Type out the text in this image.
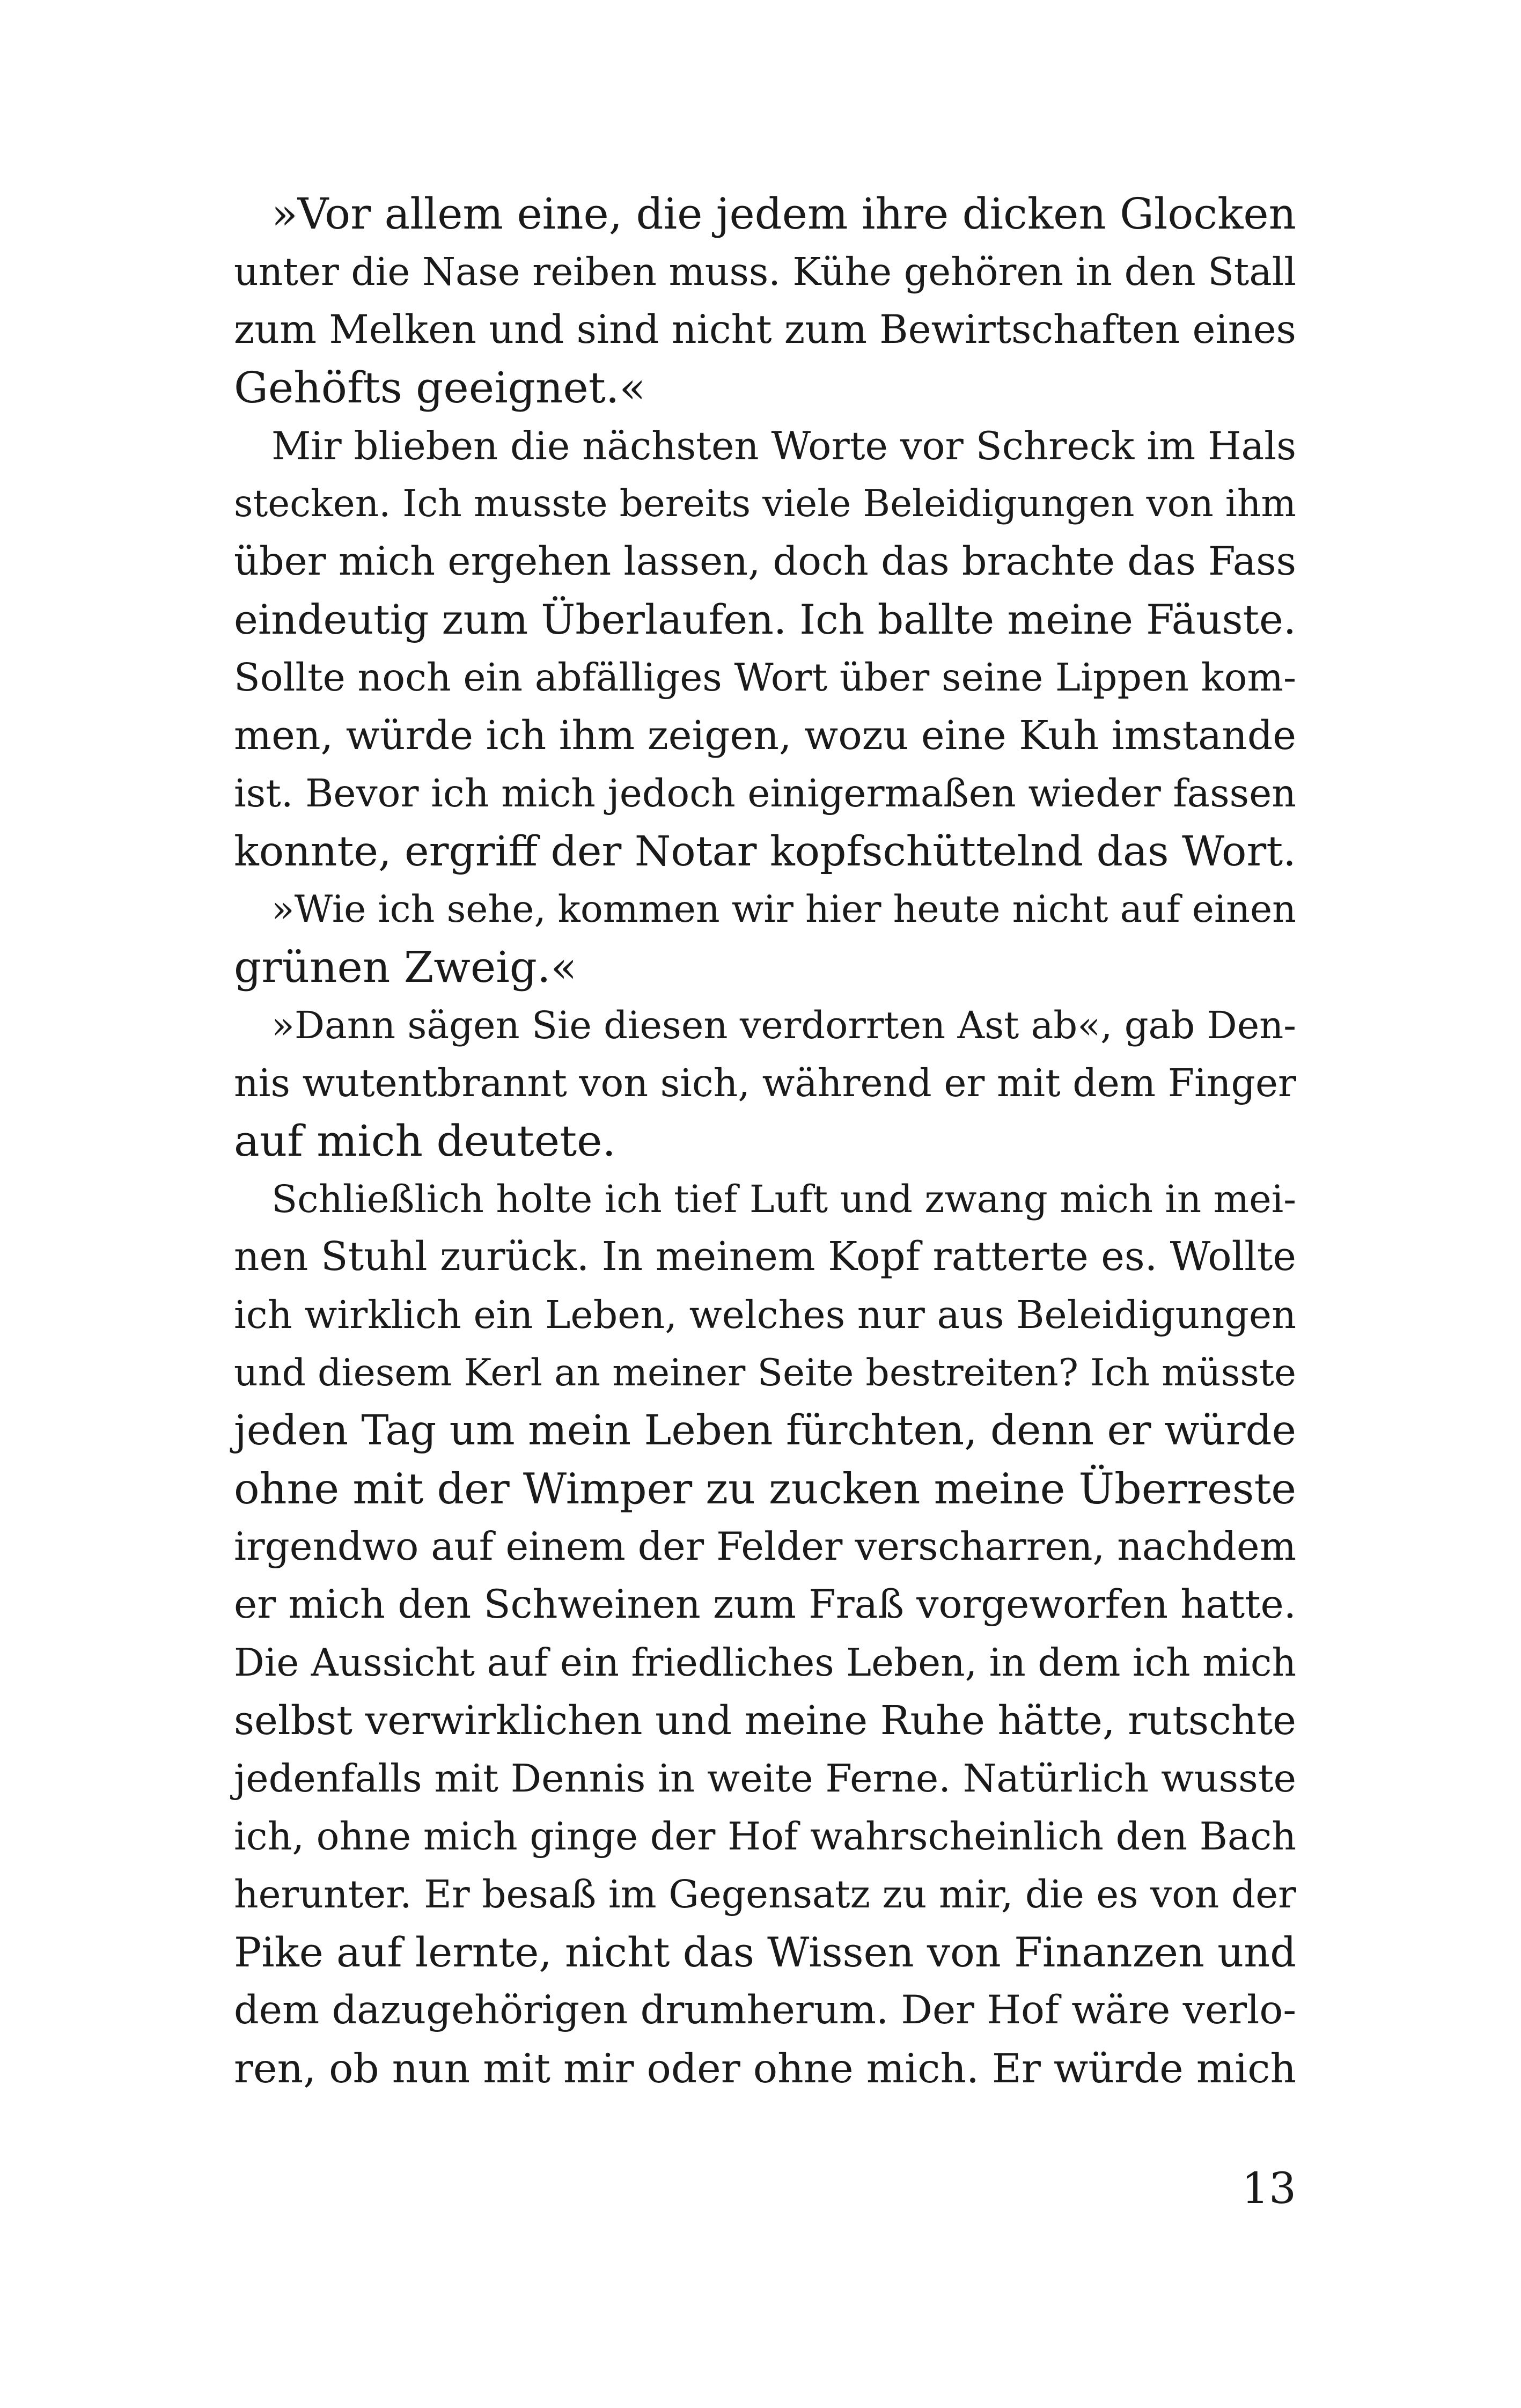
»Vor allem eine, die jedem ihre dicken Glocken
unter die Nase reiben muss. Kühe gehören in den Stall
zum Melken und sind nicht zum Bewirtschaften eines
Gehöfts geeignet.«
Mir blieben die nächsten Worte vor Schreck im Hals
stecken. Ich musste bereits viele Beleidigungen von ihm
über mich ergehen lassen, doch das brachte das Fass
eindeutig zum Überlaufen. Ich ballte meine Fäuste.
Sollte noch ein abfälliges Wort über seine Lippen kom-
men, würde ich ihm zeigen, wozu eine Kuh imstande
ist. Bevor ich mich jedoch einigermaßen wieder fassen
konnte, ergriff der Notar kopfschüttelnd das Wort.
»Wie ich sehe, kommen wir hier heute nicht auf einen
grünen Zweig.«
»Dann sägen Sie diesen verdorrten Ast ab«, gab Den-
nis wutentbrannt von sich, während er mit dem Finger
auf mich deutete.
Schließlich holte ich tief Luft und zwang mich in mei-
nen Stuhl zurück. In meinem Kopf ratterte es. Wollte
ich wirklich ein Leben, welches nur aus Beleidigungen
und diesem Kerl an meiner Seite bestreiten? Ich müsste
jeden Tag um mein Leben fürchten, denn er würde
ohne mit der Wimper zu zucken meine Überreste
irgendwo auf einem der Felder verscharren, nachdem
er mich den Schweinen zum Fraß vorgeworfen hatte.
Die Aussicht auf ein friedliches Leben, in dem ich mich
selbst verwirklichen und meine Ruhe hätte, rutschte
jedenfalls mit Dennis in weite Ferne. Natürlich wusste
ich, ohne mich ginge der Hof wahrscheinlich den Bach
herunter. Er besaß im Gegensatz zu mir, die es von der
Pike auf lernte, nicht das Wissen von Finanzen und
dem dazugehörigen drumherum. Der Hof wäre verlo-
ren, ob nun mit mir oder ohne mich. Er würde mich
13
